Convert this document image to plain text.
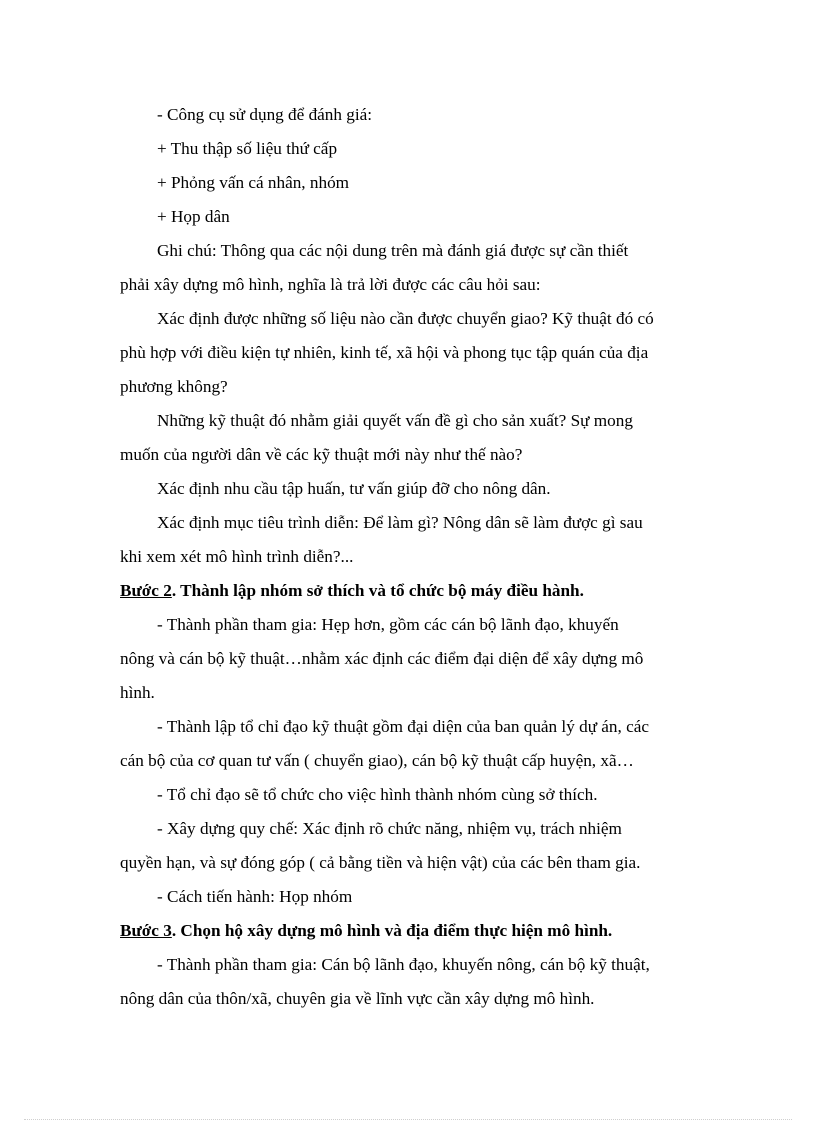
- Công cụ sử dụng để đánh giá:
+ Thu thập số liệu thứ cấp
+ Phỏng vấn cá nhân, nhóm
+ Họp dân
Ghi chú: Thông qua các nội dung trên mà đánh giá được sự cần thiết
phải xây dựng mô hình, nghĩa là trả lời được các câu hỏi sau:
Xác định được những số liệu nào cần được chuyển giao? Kỹ thuật đó có
phù hợp với điều kiện tự nhiên, kinh tế, xã hội và phong tục tập quán của địa
phương không?
Những kỹ thuật đó nhằm giải quyết vấn đề gì cho sản xuất? Sự mong
muốn của người dân về các kỹ thuật mới này như thế nào?
Xác định nhu cầu tập huấn, tư vấn giúp đỡ cho nông dân.
Xác định mục tiêu trình diễn: Để làm gì? Nông dân sẽ làm được gì sau
khi xem xét mô hình trình diễn?...
Bước 2. Thành lập nhóm sở thích và tổ chức bộ máy điều hành.
- Thành phần tham gia: Hẹp hơn, gồm các cán bộ lãnh đạo, khuyến
nông và cán bộ kỹ thuật…nhằm xác định các điểm đại diện để xây dựng mô
hình.
- Thành lập tổ chỉ đạo kỹ thuật gồm đại diện của ban quản lý dự án, các
cán bộ của cơ quan tư vấn ( chuyển giao), cán bộ kỹ thuật cấp huyện, xã…
- Tổ chỉ đạo sẽ tổ chức cho việc hình thành nhóm cùng sở thích.
- Xây dựng quy chế: Xác định rõ chức năng, nhiệm vụ, trách nhiệm
quyền hạn, và sự đóng góp ( cả bằng tiền và hiện vật) của các bên tham gia.
- Cách tiến hành: Họp nhóm
Bước 3. Chọn hộ xây dựng mô hình và địa điểm thực hiện mô hình.
- Thành phần tham gia: Cán bộ lãnh đạo, khuyến nông, cán bộ kỹ thuật,
nông dân của thôn/xã, chuyên gia về lĩnh vực cần xây dựng mô hình.
